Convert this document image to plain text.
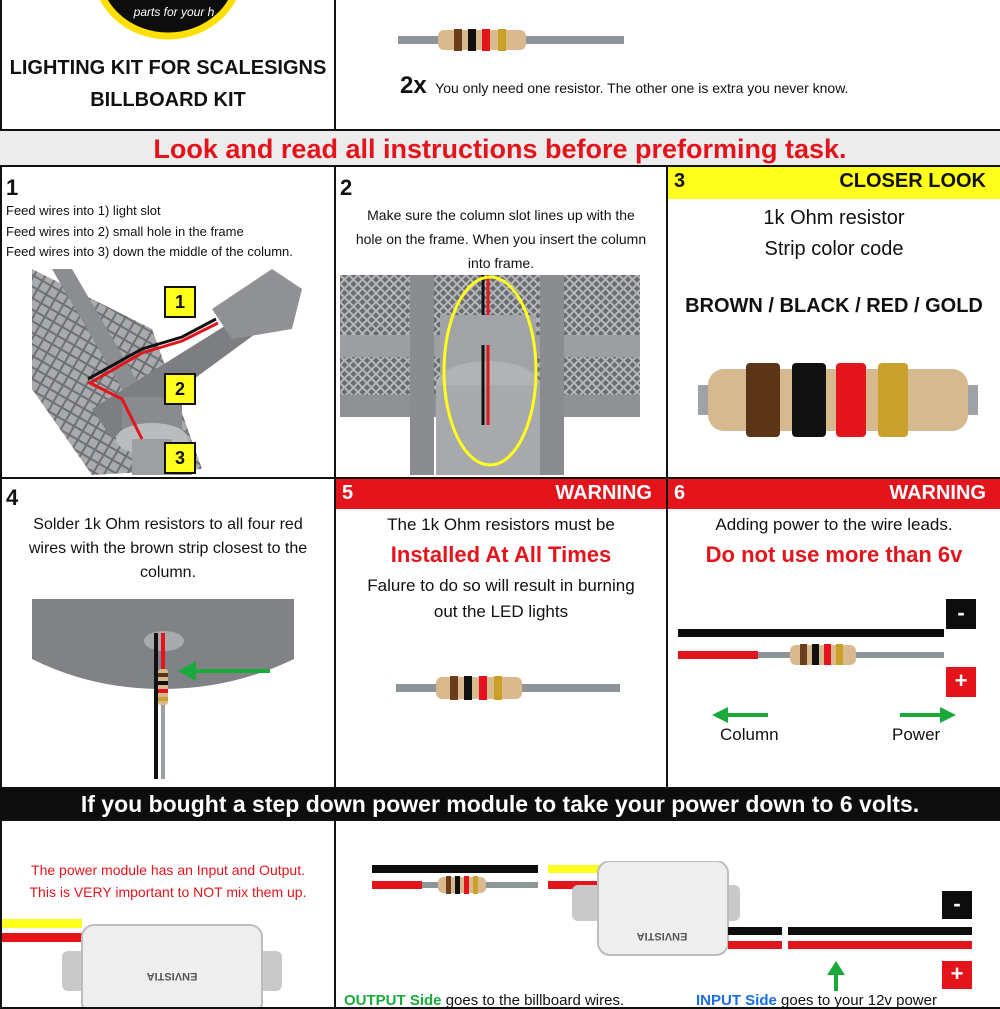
parts for your h
LIGHTING KIT FOR SCALESIGNS
BILLBOARD KIT
2x You only need one resistor. The other one is extra you never know.
Look and read all instructions before preforming task.
1
Feed wires into 1) light slot
Feed wires into 2) small hole in the frame
Feed wires into 3) down the middle of the column.
1
2
3
2
Make sure the column slot lines up with the
hole on the frame. When you insert the column
into frame.
3	CLOSER LOOK
1k Ohm resistor
Strip color code
BROWN / BLACK / RED / GOLD
4
Solder 1k Ohm resistors to all four red
wires with the brown strip closest to the
column.
5	WARNING
The 1k Ohm resistors must be
Installed At All Times
Falure to do so will result in burning
out the LED lights
6	WARNING
Adding power to the wire leads.
Do not use more than 6v
-
+
Column	Power
If you bought a step down power module to take your power down to 6 volts.
The power module has an Input and Output.
This is VERY important to NOT mix them up.
ENVISTIA
ENVISTIA
-
+
OUTPUT Side goes to the billboard wires.	INPUT Side goes to your 12v power
